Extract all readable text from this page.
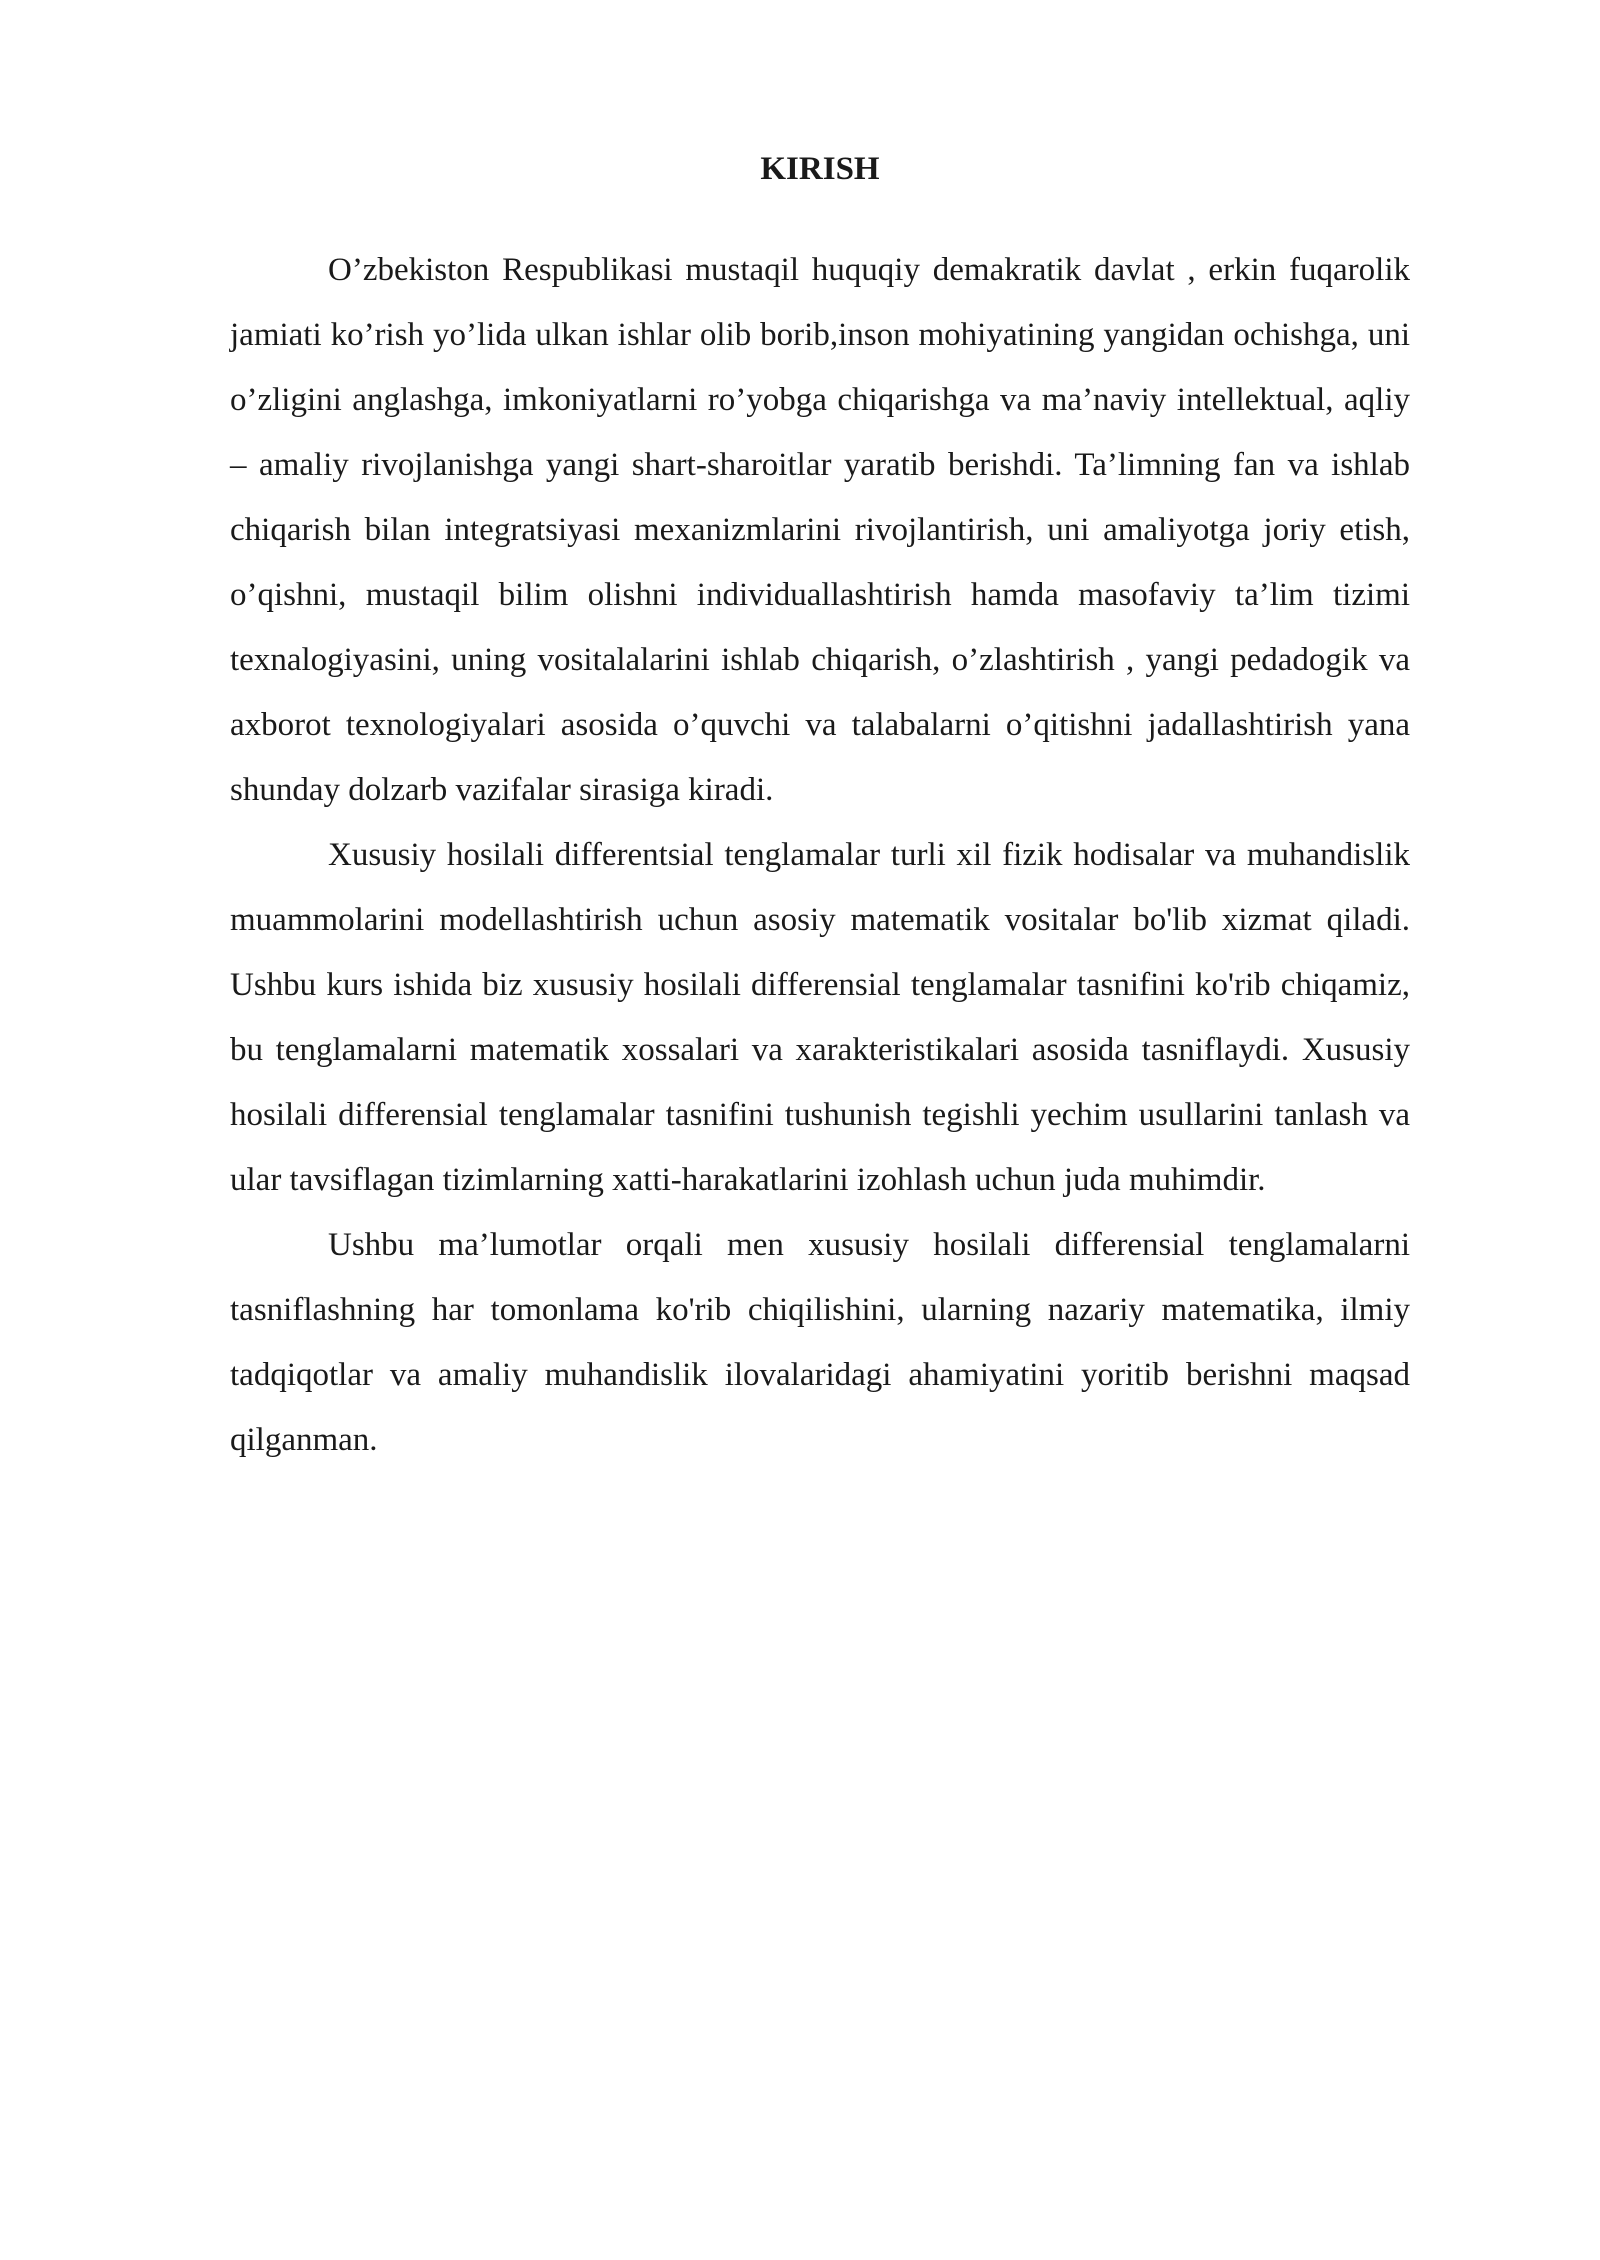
KIRISH

O’zbekiston Respublikasi mustaqil huquqiy demakratik davlat , erkin fuqarolik jamiati ko’rish yo’lida ulkan ishlar olib borib,inson mohiyatining yangidan ochishga, uni o’zligini anglashga, imkoniyatlarni ro’yobga chiqarishga va ma’naviy intellektual, aqliy – amaliy rivojlanishga yangi shart-sharoitlar yaratib berishdi. Ta’limning fan va ishlab chiqarish bilan integratsiyasi mexanizmlarini rivojlantirish, uni amaliyotga joriy etish, o’qishni, mustaqil bilim olishni individuallashtirish hamda masofaviy ta’lim tizimi texnalogiyasini, uning vositalalarini ishlab chiqarish, o’zlashtirish , yangi pedadogik va axborot texnologiyalari asosida o’quvchi va talabalarni o’qitishni jadallashtirish yana shunday dolzarb vazifalar sirasiga kiradi.

Xususiy hosilali differentsial tenglamalar turli xil fizik hodisalar va muhandislik muammolarini modellashtirish uchun asosiy matematik vositalar bo'lib xizmat qiladi. Ushbu kurs ishida biz xususiy hosilali differensial tenglamalar tasnifini ko'rib chiqamiz, bu tenglamalarni matematik xossalari va xarakteristikalari asosida tasniflaydi. Xususiy hosilali differensial tenglamalar tasnifini tushunish tegishli yechim usullarini tanlash va ular tavsiflagan tizimlarning xatti-harakatlarini izohlash uchun juda muhimdir.

Ushbu ma’lumotlar orqali men xususiy hosilali differensial tenglamalarni tasniflashning har tomonlama ko'rib chiqilishini, ularning nazariy matematika, ilmiy tadqiqotlar va amaliy muhandislik ilovalaridagi ahamiyatini yoritib berishni maqsad qilganman.
